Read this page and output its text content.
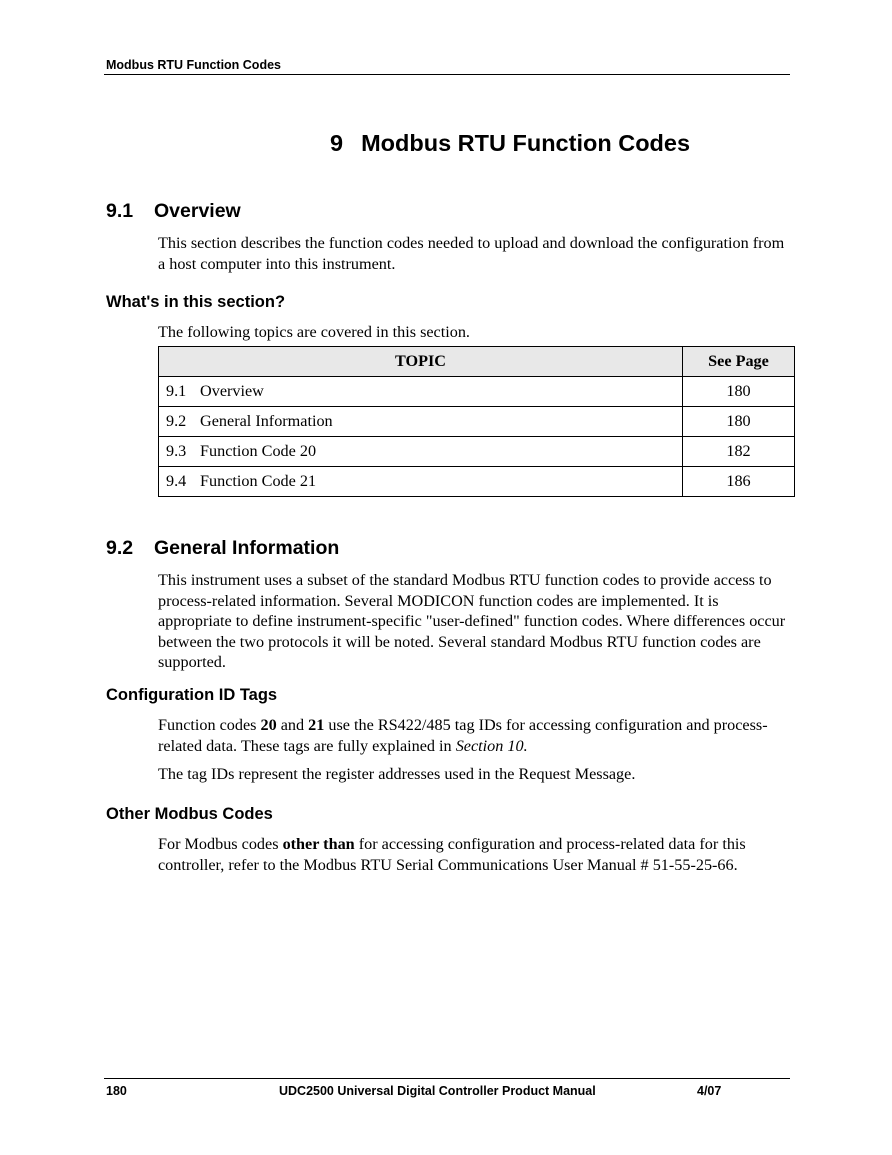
Modbus RTU Function Codes
9 Modbus RTU Function Codes
9.1 Overview
This section describes the function codes needed to upload and download the configuration from a host computer into this instrument.
What's in this section?
The following topics are covered in this section.
TOPIC	See Page
9.1 Overview	180
9.2 General Information	180
9.3 Function Code 20	182
9.4 Function Code 21	186
9.2 General Information
This instrument uses a subset of the standard Modbus RTU function codes to provide access to process-related information. Several MODICON function codes are implemented. It is appropriate to define instrument-specific "user-defined" function codes. Where differences occur between the two protocols it will be noted. Several standard Modbus RTU function codes are supported.
Configuration ID Tags
Function codes 20 and 21 use the RS422/485 tag IDs for accessing configuration and process-related data. These tags are fully explained in Section 10.
The tag IDs represent the register addresses used in the Request Message.
Other Modbus Codes
For Modbus codes other than for accessing configuration and process-related data for this controller, refer to the Modbus RTU Serial Communications User Manual # 51-55-25-66.
180	UDC2500 Universal Digital Controller Product Manual	4/07
